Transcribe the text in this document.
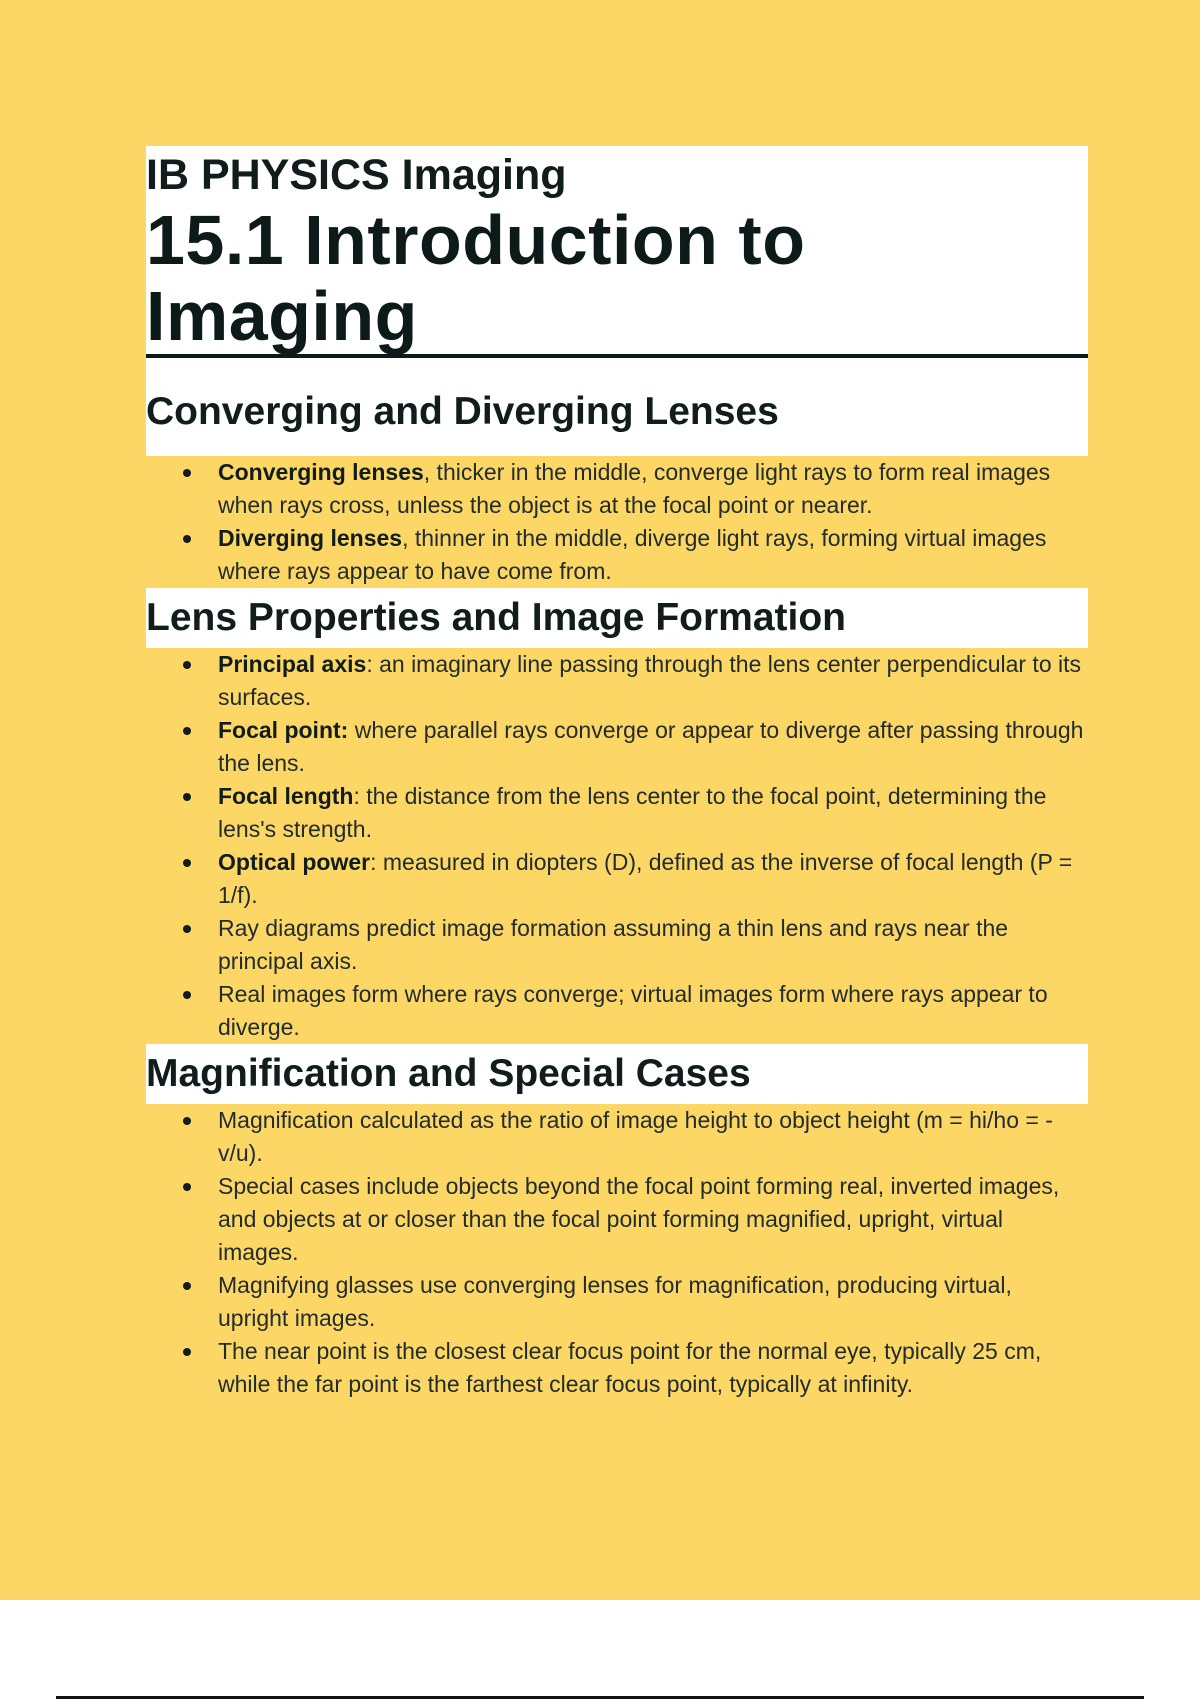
IB PHYSICS Imaging
15.1 Introduction to Imaging
Converging and Diverging Lenses
Converging lenses, thicker in the middle, converge light rays to form real images when rays cross, unless the object is at the focal point or nearer.
Diverging lenses, thinner in the middle, diverge light rays, forming virtual images where rays appear to have come from.
Lens Properties and Image Formation
Principal axis: an imaginary line passing through the lens center perpendicular to its surfaces.
Focal point: where parallel rays converge or appear to diverge after passing through the lens.
Focal length: the distance from the lens center to the focal point, determining the lens's strength.
Optical power: measured in diopters (D), defined as the inverse of focal length (P = 1/f).
Ray diagrams predict image formation assuming a thin lens and rays near the principal axis.
Real images form where rays converge; virtual images form where rays appear to diverge.
Magnification and Special Cases
Magnification calculated as the ratio of image height to object height (m = hi/ho = -v/u).
Special cases include objects beyond the focal point forming real, inverted images, and objects at or closer than the focal point forming magnified, upright, virtual images.
Magnifying glasses use converging lenses for magnification, producing virtual, upright images.
The near point is the closest clear focus point for the normal eye, typically 25 cm, while the far point is the farthest clear focus point, typically at infinity.
